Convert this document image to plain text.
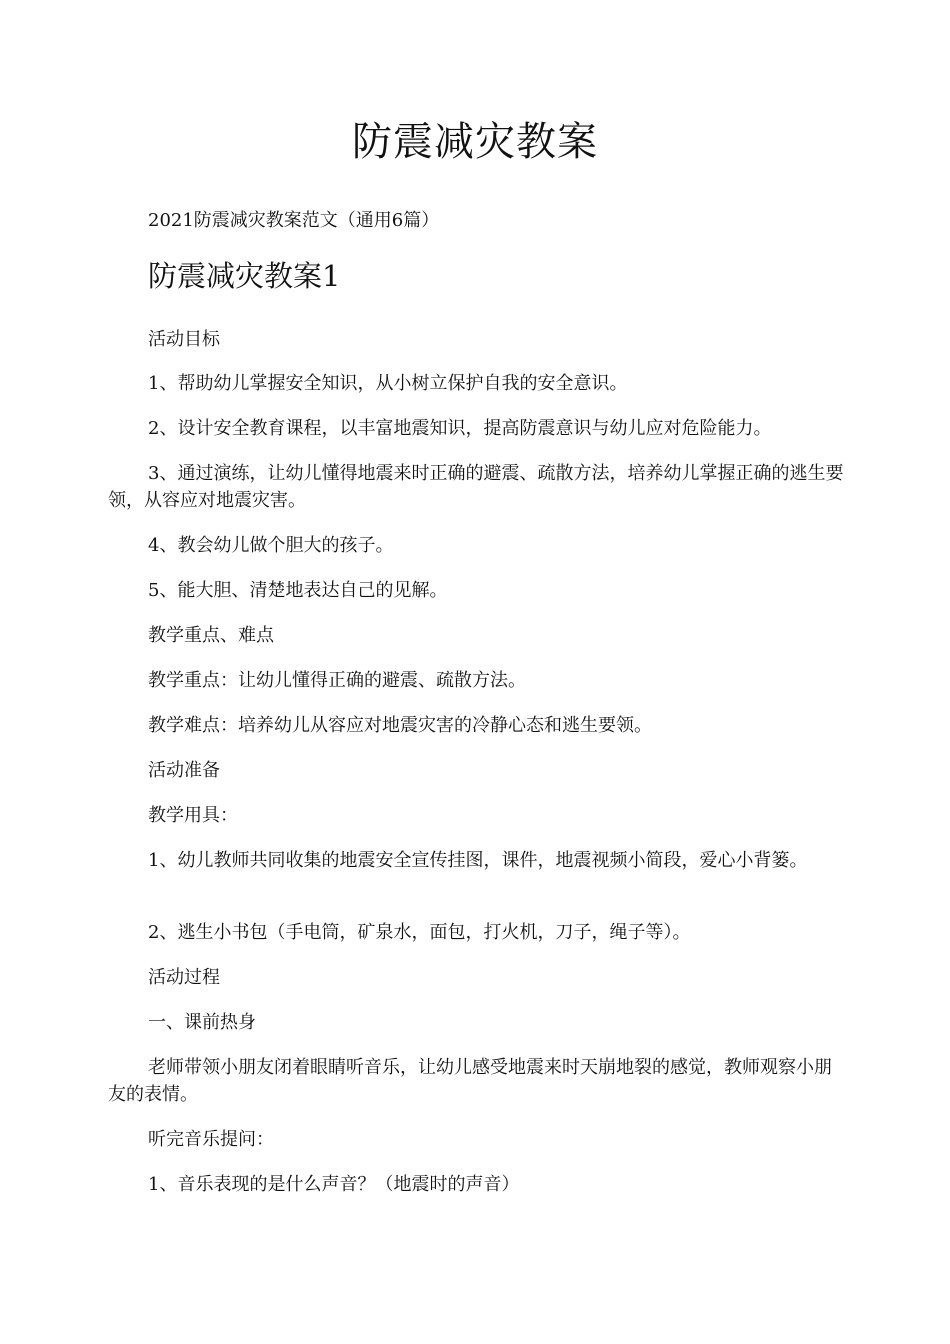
防震减灾教案
2021防震减灾教案范文（通用6篇）
防震减灾教案1
活动目标
1、帮助幼儿掌握安全知识，从小树立保护自我的安全意识。
2、设计安全教育课程，以丰富地震知识，提高防震意识与幼儿应对危险能力。
3、通过演练，让幼儿懂得地震来时正确的避震、疏散方法，培养幼儿掌握正确的逃生要领，从容应对地震灾害。
4、教会幼儿做个胆大的孩子。
5、能大胆、清楚地表达自己的见解。
教学重点、难点
教学重点：让幼儿懂得正确的避震、疏散方法。
教学难点：培养幼儿从容应对地震灾害的冷静心态和逃生要领。
活动准备
教学用具：
1、幼儿教师共同收集的地震安全宣传挂图，课件，地震视频小简段，爱心小背篓。
2、逃生小书包（手电筒，矿泉水，面包，打火机，刀子，绳子等）。
活动过程
一、课前热身
老师带领小朋友闭着眼睛听音乐，让幼儿感受地震来时天崩地裂的感觉，教师观察小朋友的表情。
听完音乐提问：
1、音乐表现的是什么声音？（地震时的声音）
